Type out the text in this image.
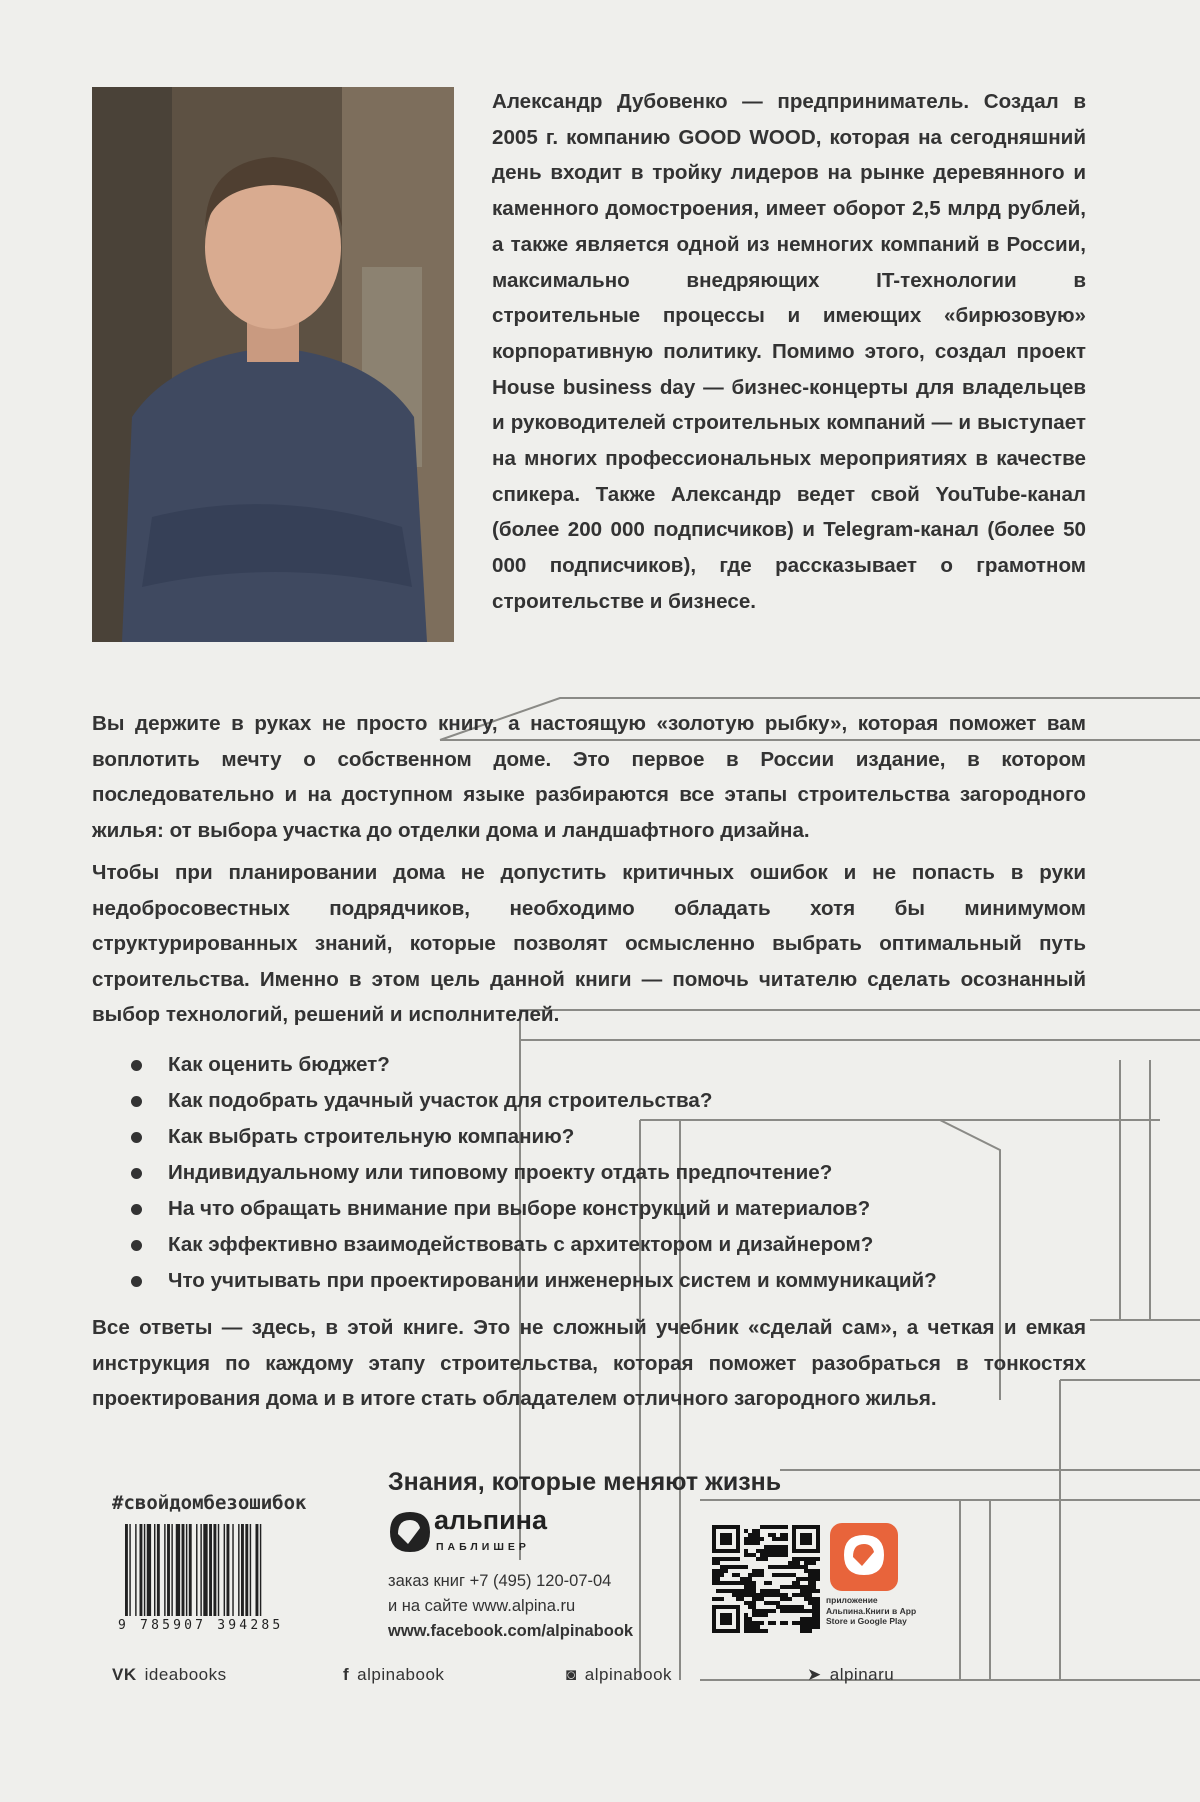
Александр Дубовенко — предприниматель. Создал в 2005 г. компанию GOOD WOOD, которая на сегодняшний день входит в тройку лидеров на рынке деревянного и каменного домостроения, имеет оборот 2,5 млрд рублей, а также является одной из немногих компаний в России, максимально внедряющих IT-технологии в строительные процессы и имеющих «бирюзовую» корпоративную политику. Помимо этого, создал проект House business day — бизнес-концерты для владельцев и руководителей строительных компаний — и выступает на многих профессиональных мероприятиях в качестве спикера. Также Александр ведет свой YouTube-канал (более 200 000 подписчиков) и Telegram-канал (более 50 000 подписчиков), где рассказывает о грамотном строительстве и бизнесе.

Вы держите в руках не просто книгу, а настоящую «золотую рыбку», которая поможет вам воплотить мечту о собственном доме. Это первое в России издание, в котором последовательно и на доступном языке разбираются все этапы строительства загородного жилья: от выбора участка до отделки дома и ландшафтного дизайна.

Чтобы при планировании дома не допустить критичных ошибок и не попасть в руки недобросовестных подрядчиков, необходимо обладать хотя бы минимумом структурированных знаний, которые позволят осмысленно выбрать оптимальный путь строительства. Именно в этом цель данной книги — помочь читателю сделать осознанный выбор технологий, решений и исполнителей.

Как оценить бюджет?
Как подобрать удачный участок для строительства?
Как выбрать строительную компанию?
Индивидуальному или типовому проекту отдать предпочтение?
На что обращать внимание при выборе конструкций и материалов?
Как эффективно взаимодействовать с архитектором и дизайнером?
Что учитывать при проектировании инженерных систем и коммуникаций?

Все ответы — здесь, в этой книге. Это не сложный учебник «сделай сам», а четкая и емкая инструкция по каждому этапу строительства, которая поможет разобраться в тонкостях проектирования дома и в итоге стать обладателем отличного загородного жилья.

#свойдомбезошибок
9 785907 394285
Знания, которые меняют жизнь
альпина
ПАБЛИШЕР
заказ книг +7 (495) 120-07-04
и на сайте www.alpina.ru
www.facebook.com/alpinabook
приложение Альпина.Книги в App Store и Google Play
VK ideabooks	f alpinabook	◙ alpinabook	➤ alpinaru
